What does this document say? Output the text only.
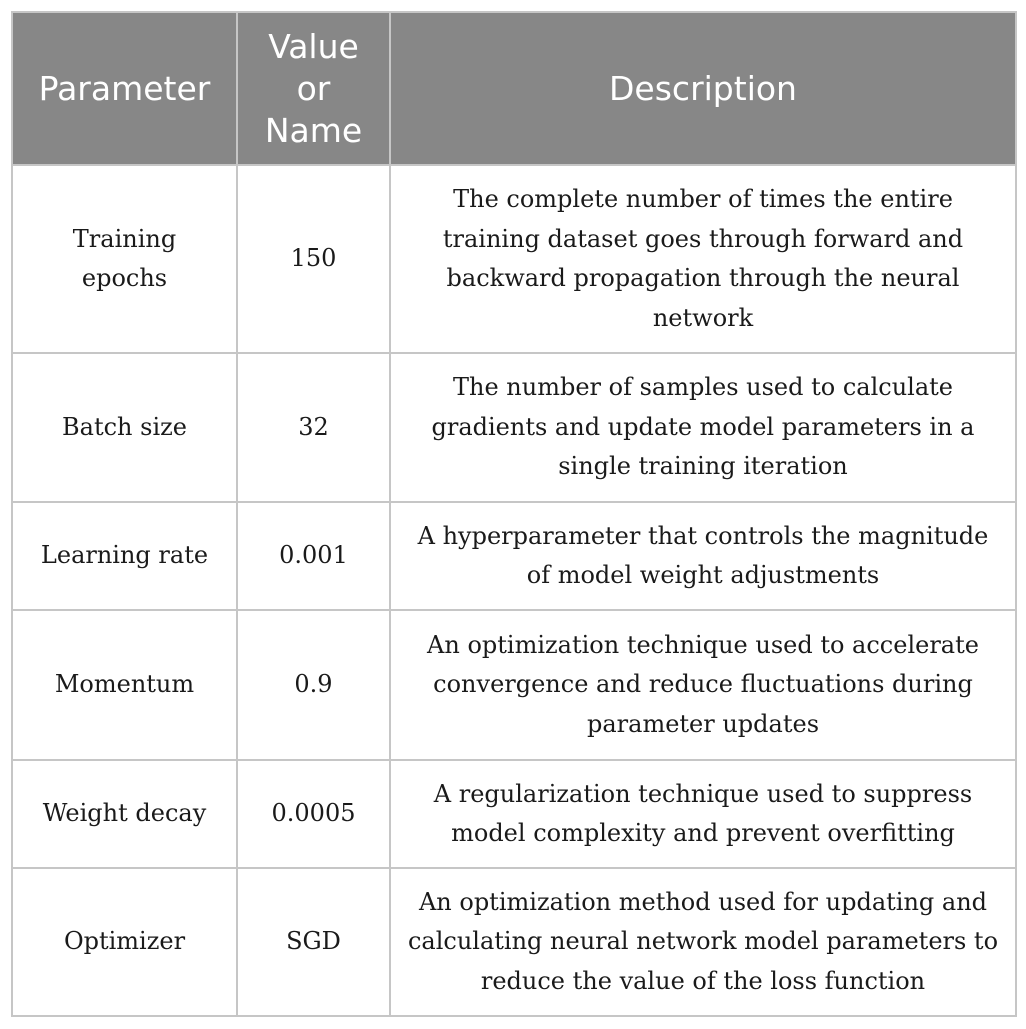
Parameter	Value or Name	Description
Training epochs	150	The complete number of times the entire training dataset goes through forward and backward propagation through the neural network
Batch size	32	The number of samples used to calculate gradients and update model parameters in a single training iteration
Learning rate	0.001	A hyperparameter that controls the magnitude of model weight adjustments
Momentum	0.9	An optimization technique used to accelerate convergence and reduce fluctuations during parameter updates
Weight decay	0.0005	A regularization technique used to suppress model complexity and prevent overfitting
Optimizer	SGD	An optimization method used for updating and calculating neural network model parameters to reduce the value of the loss function
